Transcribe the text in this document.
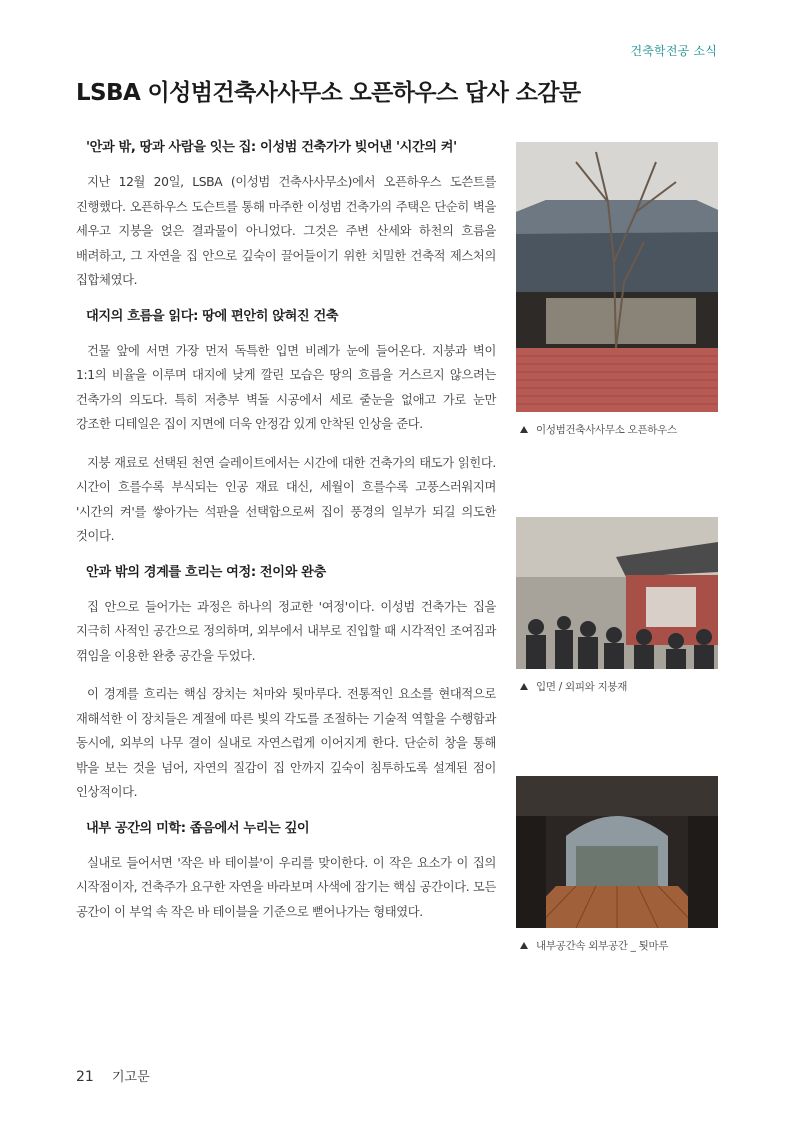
건축학전공 소식
LSBA 이성범건축사사무소 오픈하우스 답사 소감문
'안과 밖, 땅과 사람을 잇는 집: 이성범 건축가가 빚어낸 '시간의 켜'

지난 12월 20일, LSBA (이성범 건축사사무소)에서 오픈하우스 도쓴트를 진행했다. 오픈하우스 도슨트를 통해 마주한 이성범 건축가의 주택은 단순히 벽을 세우고 지붕을 얹은 결과물이 아니었다. 그것은 주변 산세와 하천의 흐름을 배려하고, 그 자연을 집 안으로 깊숙이 끌어들이기 위한 치밀한 건축적 제스처의 집합체였다.

대지의 흐름을 읽다: 땅에 편안히 앉혀진 건축

건물 앞에 서면 가장 먼저 독특한 입면 비례가 눈에 들어온다. 지붕과 벽이 1:1의 비율을 이루며 대지에 낮게 깔린 모습은 땅의 흐름을 거스르지 않으려는 건축가의 의도다. 특히 저층부 벽돌 시공에서 세로 줄눈을 없애고 가로 눈만 강조한 디테일은 집이 지면에 더욱 안정감 있게 안착된 인상을 준다.

지붕 재료로 선택된 천연 슬레이트에서는 시간에 대한 건축가의 태도가 읽힌다. 시간이 흐를수록 부식되는 인공 재료 대신, 세월이 흐를수록 고풍스러워지며 '시간의 켜'를 쌓아가는 석판을 선택함으로써 집이 풍경의 일부가 되길 의도한 것이다.

안과 밖의 경계를 흐리는 여정: 전이와 완충

집 안으로 들어가는 과정은 하나의 정교한 '여정'이다. 이성범 건축가는 집을 지극히 사적인 공간으로 정의하며, 외부에서 내부로 진입할 때 시각적인 조여짐과 꺾임을 이용한 완충 공간을 두었다.

이 경계를 흐리는 핵심 장치는 처마와 툇마루다. 전통적인 요소를 현대적으로 재해석한 이 장치들은 계절에 따른 빛의 각도를 조절하는 기술적 역할을 수행함과 동시에, 외부의 나무 결이 실내로 자연스럽게 이어지게 한다. 단순히 창을 통해 밖을 보는 것을 넘어, 자연의 질감이 집 안까지 깊숙이 침투하도록 설계된 점이 인상적이다.

내부 공간의 미학: 좁음에서 누리는 깊이

실내로 들어서면 '작은 바 테이블'이 우리를 맞이한다. 이 작은 요소가 이 집의 시작점이자, 건축주가 요구한 자연을 바라보며 사색에 잠기는 핵심 공간이다. 모든 공간이 이 부엌 속 작은 바 테이블을 기준으로 뻗어나가는 형태였다.

이성범건축사사무소 오픈하우스
입면 / 외피와 지붕재
내부공간속 외부공간 _ 툇마루
21 기고문
